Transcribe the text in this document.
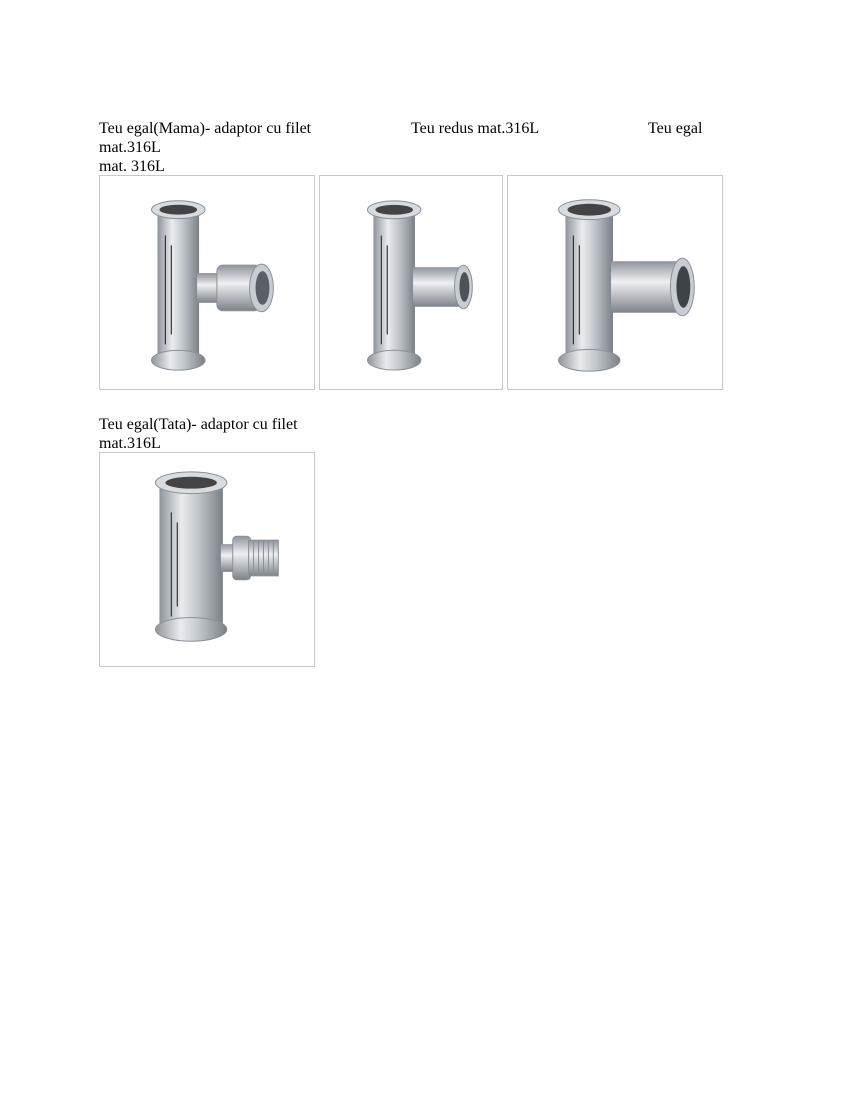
Teu egal(Mama)- adaptor cu filet	Teu redus mat.316L	Teu egal
mat.316L
mat. 316L
Teu egal(Tata)- adaptor cu filet
mat.316L
